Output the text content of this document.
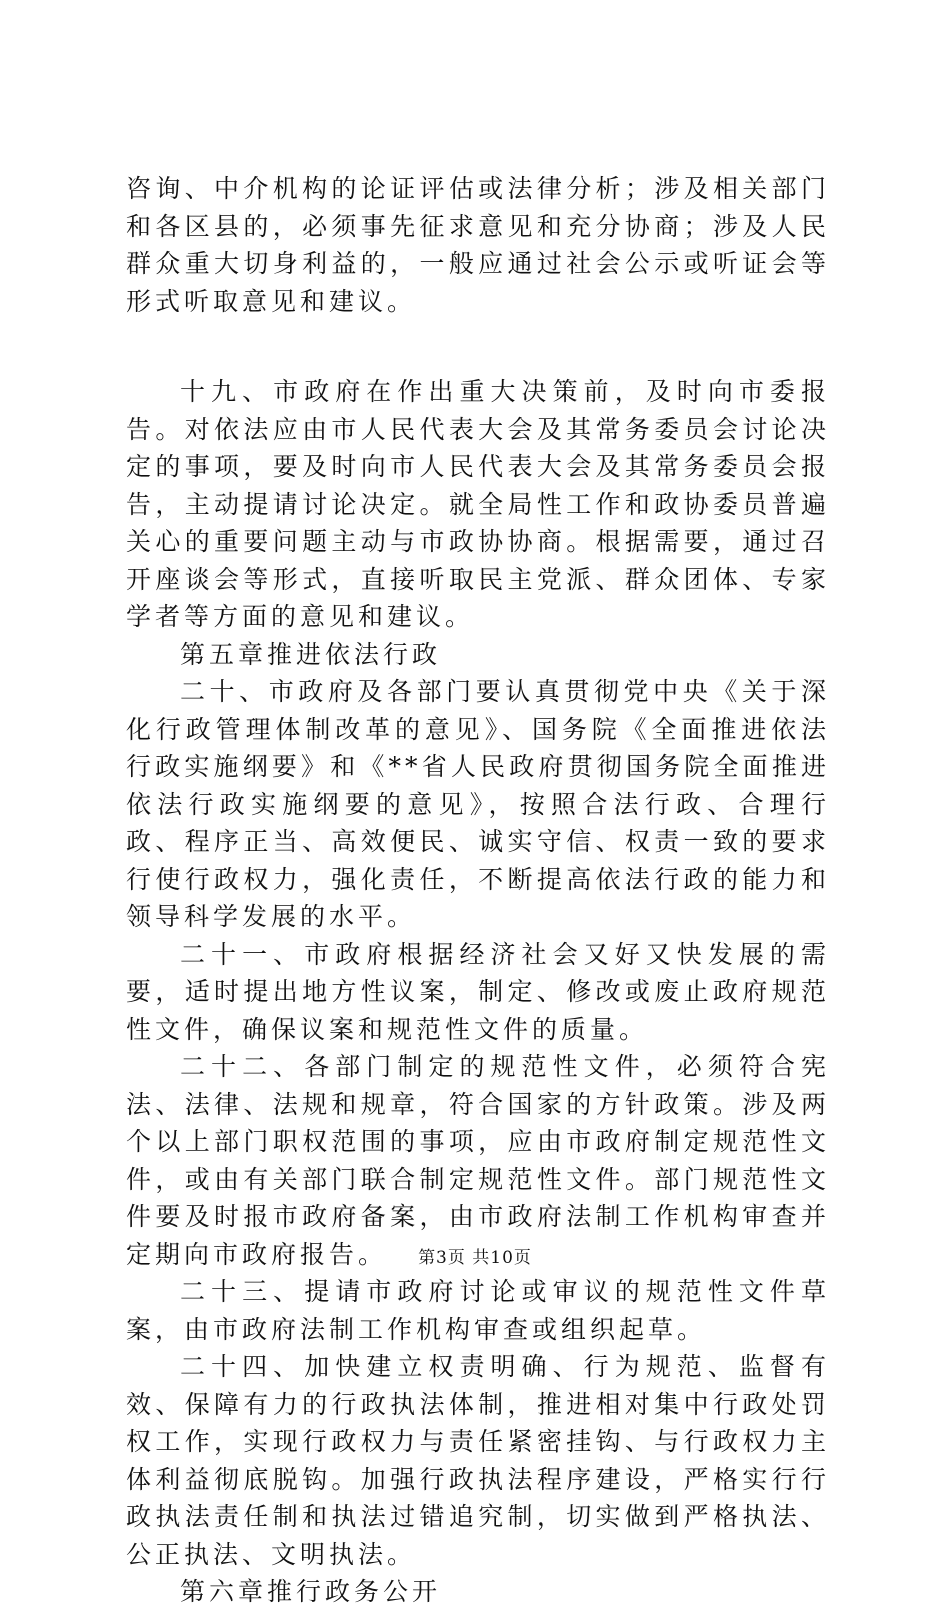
咨询、中介机构的论证评估或法律分析；涉及相关部门和各区县的，必须事先征求意见和充分协商；涉及人民群众重大切身利益的，一般应通过社会公示或听证会等形式听取意见和建议。

十九、市政府在作出重大决策前，及时向市委报告。对依法应由市人民代表大会及其常务委员会讨论决定的事项，要及时向市人民代表大会及其常务委员会报告，主动提请讨论决定。就全局性工作和政协委员普遍关心的重要问题主动与市政协协商。根据需要，通过召开座谈会等形式，直接听取民主党派、群众团体、专家学者等方面的意见和建议。

第五章推进依法行政

二十、市政府及各部门要认真贯彻党中央《关于深化行政管理体制改革的意见》、国务院《全面推进依法行政实施纲要》和《**省人民政府贯彻国务院全面推进依法行政实施纲要的意见》，按照合法行政、合理行政、程序正当、高效便民、诚实守信、权责一致的要求行使行政权力，强化责任，不断提高依法行政的能力和领导科学发展的水平。

二十一、市政府根据经济社会又好又快发展的需要，适时提出地方性议案，制定、修改或废止政府规范性文件，确保议案和规范性文件的质量。

二十二、各部门制定的规范性文件，必须符合宪法、法律、法规和规章，符合国家的方针政策。涉及两个以上部门职权范围的事项，应由市政府制定规范性文件，或由有关部门联合制定规范性文件。部门规范性文件要及时报市政府备案，由市政府法制工作机构审查并定期向市政府报告。

二十三、提请市政府讨论或审议的规范性文件草案，由市政府法制工作机构审查或组织起草。

二十四、加快建立权责明确、行为规范、监督有效、保障有力的行政执法体制，推进相对集中行政处罚权工作，实现行政权力与责任紧密挂钩、与行政权力主体利益彻底脱钩。加强行政执法程序建设，严格实行行政执法责任制和执法过错追究制，切实做到严格执法、公正执法、文明执法。

第六章推行政务公开

第3页 共10页
